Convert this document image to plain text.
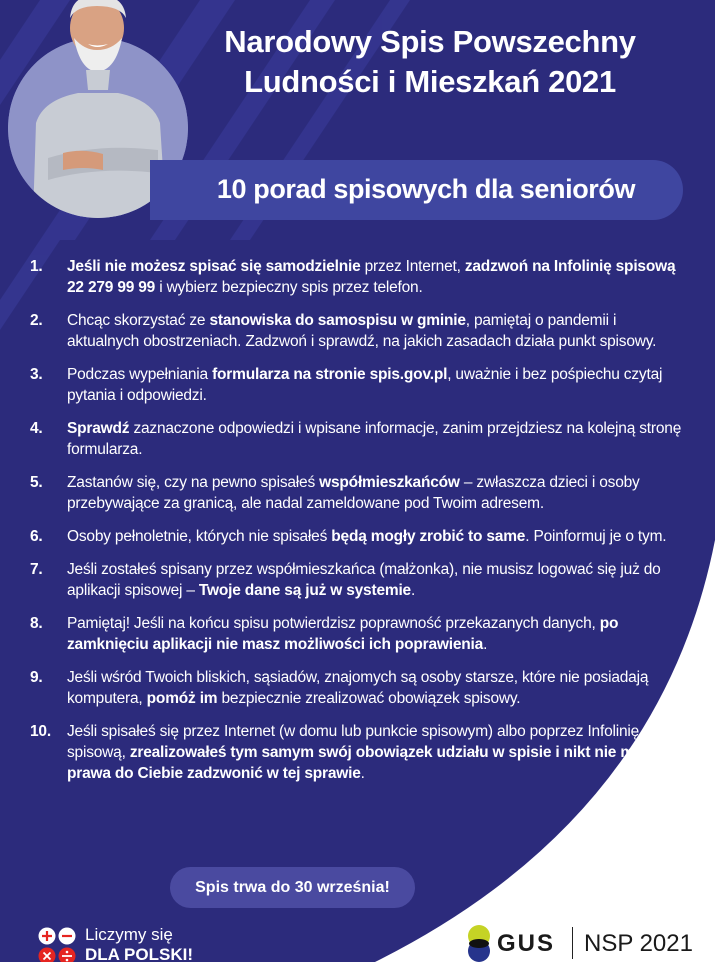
Narodowy Spis Powszechny
Ludności i Mieszkań 2021
10 porad spisowych dla seniorów
1.	Jeśli nie możesz spisać się samodzielnie przez Internet, zadzwoń na Infolinię spisową 22 279 99 99 i wybierz bezpieczny spis przez telefon.
2.	Chcąc skorzystać ze stanowiska do samospisu w gminie, pamiętaj o pandemii i aktualnych obostrzeniach. Zadzwoń i sprawdź, na jakich zasadach działa punkt spisowy.
3.	Podczas wypełniania formularza na stronie spis.gov.pl, uważnie i bez pośpiechu czytaj pytania i odpowiedzi.
4.	Sprawdź zaznaczone odpowiedzi i wpisane informacje, zanim przejdziesz na kolejną stronę formularza.
5.	Zastanów się, czy na pewno spisałeś współmieszkańców – zwłaszcza dzieci i osoby przebywające za granicą, ale nadal zameldowane pod Twoim adresem.
6.	Osoby pełnoletnie, których nie spisałeś będą mogły zrobić to same. Poinformuj je o tym.
7.	Jeśli zostałeś spisany przez współmieszkańca (małżonka), nie musisz logować się już do aplikacji spisowej – Twoje dane są już w systemie.
8.	Pamiętaj! Jeśli na końcu spisu potwierdzisz poprawność przekazanych danych, po zamknięciu aplikacji nie masz możliwości ich poprawienia.
9.	Jeśli wśród Twoich bliskich, sąsiadów, znajomych są osoby starsze, które nie posiadają komputera, pomóż im bezpiecznie zrealizować obowiązek spisowy.
10.	Jeśli spisałeś się przez Internet (w domu lub punkcie spisowym) albo poprzez Infolinię spisową, zrealizowałeś tym samym swój obowiązek udziału w spisie i nikt nie ma prawa do Ciebie zadzwonić w tej sprawie.
Spis trwa do 30 września!
Liczymy się
DLA POLSKI!	GUS NSP 2021
